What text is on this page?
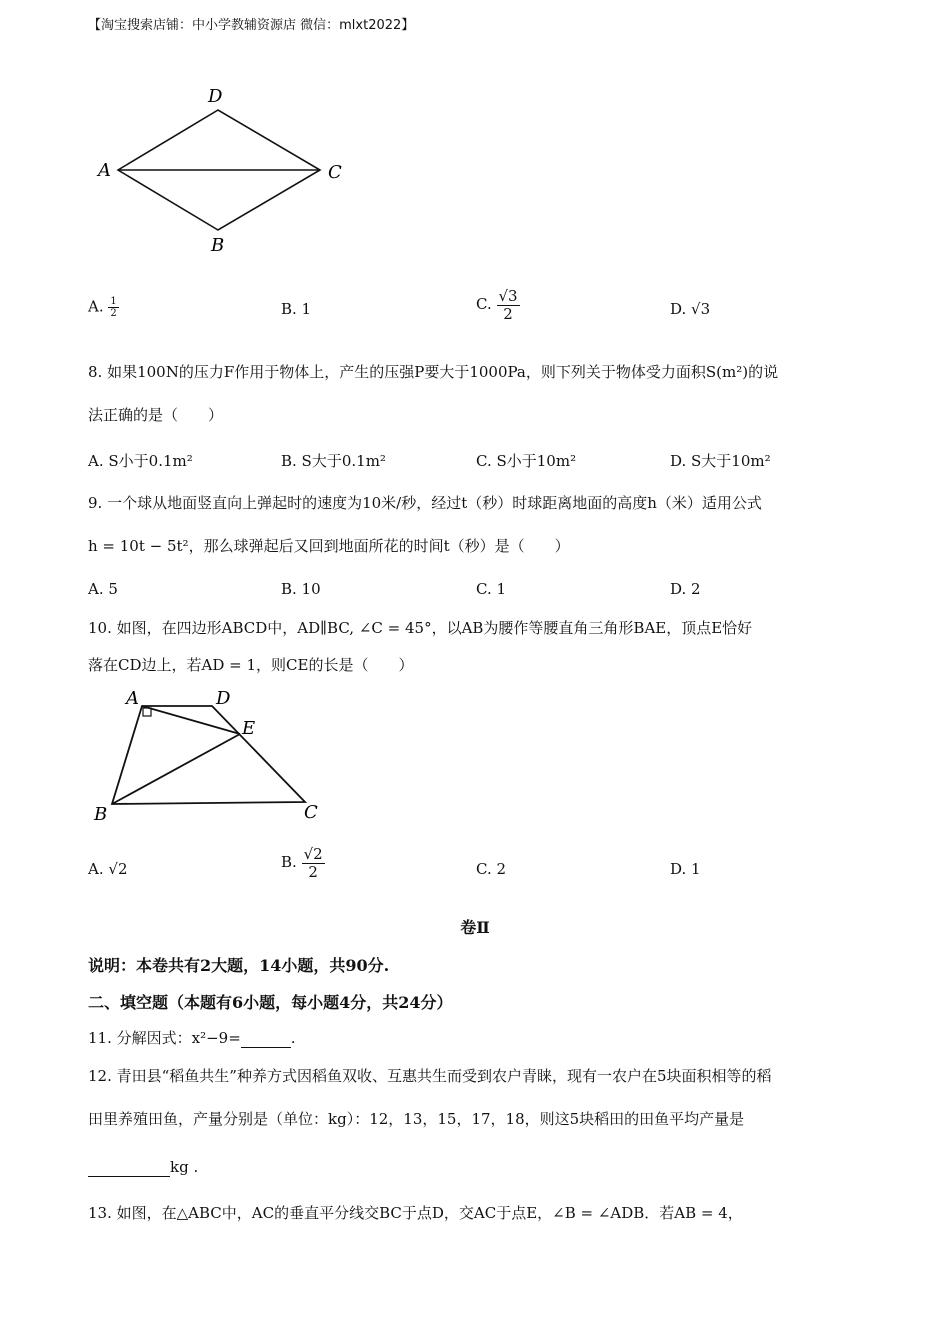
【淘宝搜索店铺：中小学教辅资源店 微信：mlxt2022】
D
A	C
B
A. $\frac{1}{2}$	B. 1	C. $\frac{√3}{2}$	D. √3
8. 如果100N的压力F作用于物体上，产生的压强P要大于1000Pa，则下列关于物体受力面积S(m²)的说
法正确的是（　　）
A. S小于0.1m²	B. S大于0.1m²	C. S小于10m²	D. S大于10m²
9. 一个球从地面竖直向上弹起时的速度为10米/秒，经过t（秒）时球距离地面的高度h（米）适用公式
h = 10t − 5t²，那么球弹起后又回到地面所花的时间t（秒）是（　　）
A. 5	B. 10	C. 1	D. 2
10. 如图，在四边形ABCD中，AD∥BC, ∠C = 45°，以AB为腰作等腰直角三角形BAE，顶点E恰好
落在CD边上，若AD = 1，则CE的长是（　　）
A	D
E
B	C
A. √2	B. $\frac{√2}{2}$	C. 2	D. 1
卷Ⅱ
说明：本卷共有2大题，14小题，共90分.
二、填空题（本题有6小题，每小题4分，共24分）
11. 分解因式：x²−9=	.
12. 青田县“稻鱼共生”种养方式因稻鱼双收、互惠共生而受到农户青睐，现有一农户在5块面积相等的稻
田里养殖田鱼，产量分别是（单位：kg）：12，13，15，17，18，则这5块稻田的田鱼平均产量是
kg .
13. 如图，在△ABC中，AC的垂直平分线交BC于点D，交AC于点E，∠B = ∠ADB．若AB = 4，
